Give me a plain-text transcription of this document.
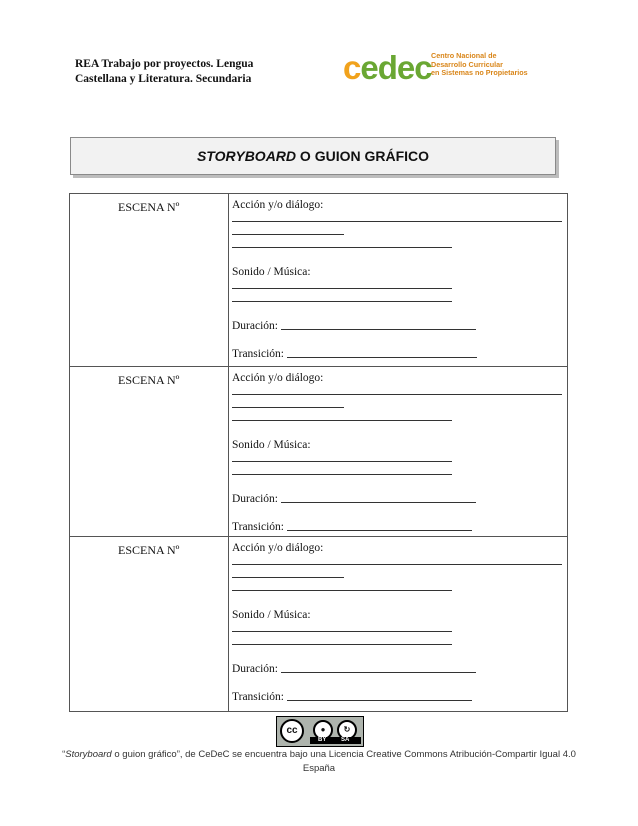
REA Trabajo por proyectos. Lengua Castellana y Literatura. Secundaria	cedec Centro Nacional de
Desarrollo Curricular
en Sistemas no Propietarios
STORYBOARD O GUION GRÁFICO
ESCENA Nº	Acción y/o diálogo:
Sonido / Música:
Duración:
Transición:
ESCENA Nº	Acción y/o diálogo:
Sonido / Música:
Duración:
Transición:
ESCENA Nº	Acción y/o diálogo:
Sonido / Música:
Duración:
Transición:
cc	●	↻
BY SA
“Storyboard o guion gráfico”, de CeDeC se encuentra bajo una Licencia Creative Commons Atribución-Compartir Igual 4.0 España
